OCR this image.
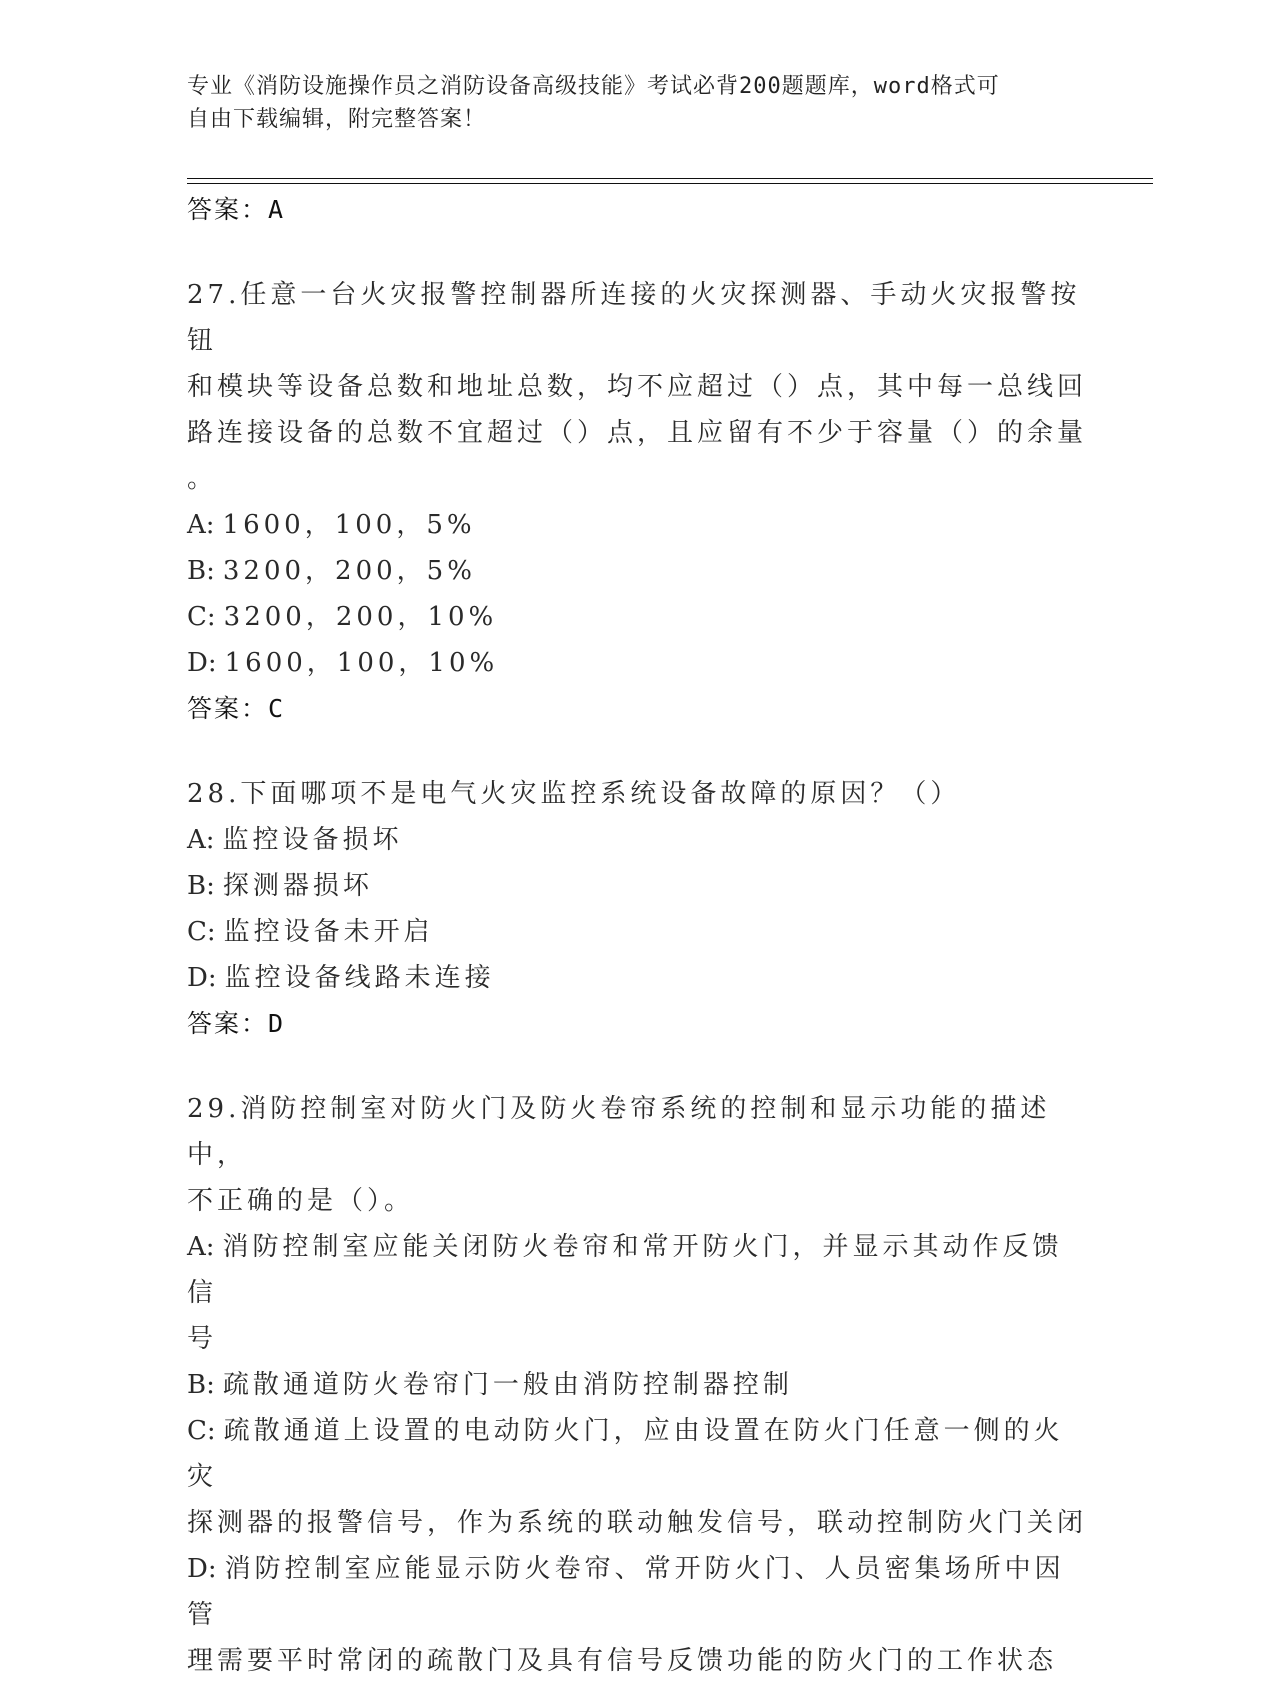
专业《消防设施操作员之消防设备高级技能》考试必背200题题库，word格式可
自由下载编辑，附完整答案！
答案： A
27.任意一台火灾报警控制器所连接的火灾探测器、手动火灾报警按钮
和模块等设备总数和地址总数，均不应超过（）点，其中每一总线回
路连接设备的总数不宜超过（）点，且应留有不少于容量（）的余量
。
A: 1600，100，5%
B: 3200，200，5%
C: 3200，200，10%
D: 1600，100，10%
答案： C
28.下面哪项不是电气火灾监控系统设备故障的原因？（）
A: 监控设备损坏
B: 探测器损坏
C: 监控设备未开启
D: 监控设备线路未连接
答案： D
29.消防控制室对防火门及防火卷帘系统的控制和显示功能的描述中，
不正确的是（）。
A: 消防控制室应能关闭防火卷帘和常开防火门，并显示其动作反馈信
号
B: 疏散通道防火卷帘门一般由消防控制器控制
C: 疏散通道上设置的电动防火门，应由设置在防火门任意一侧的火灾
探测器的报警信号，作为系统的联动触发信号，联动控制防火门关闭
D: 消防控制室应能显示防火卷帘、常开防火门、人员密集场所中因管
理需要平时常闭的疏散门及具有信号反馈功能的防火门的工作状态
